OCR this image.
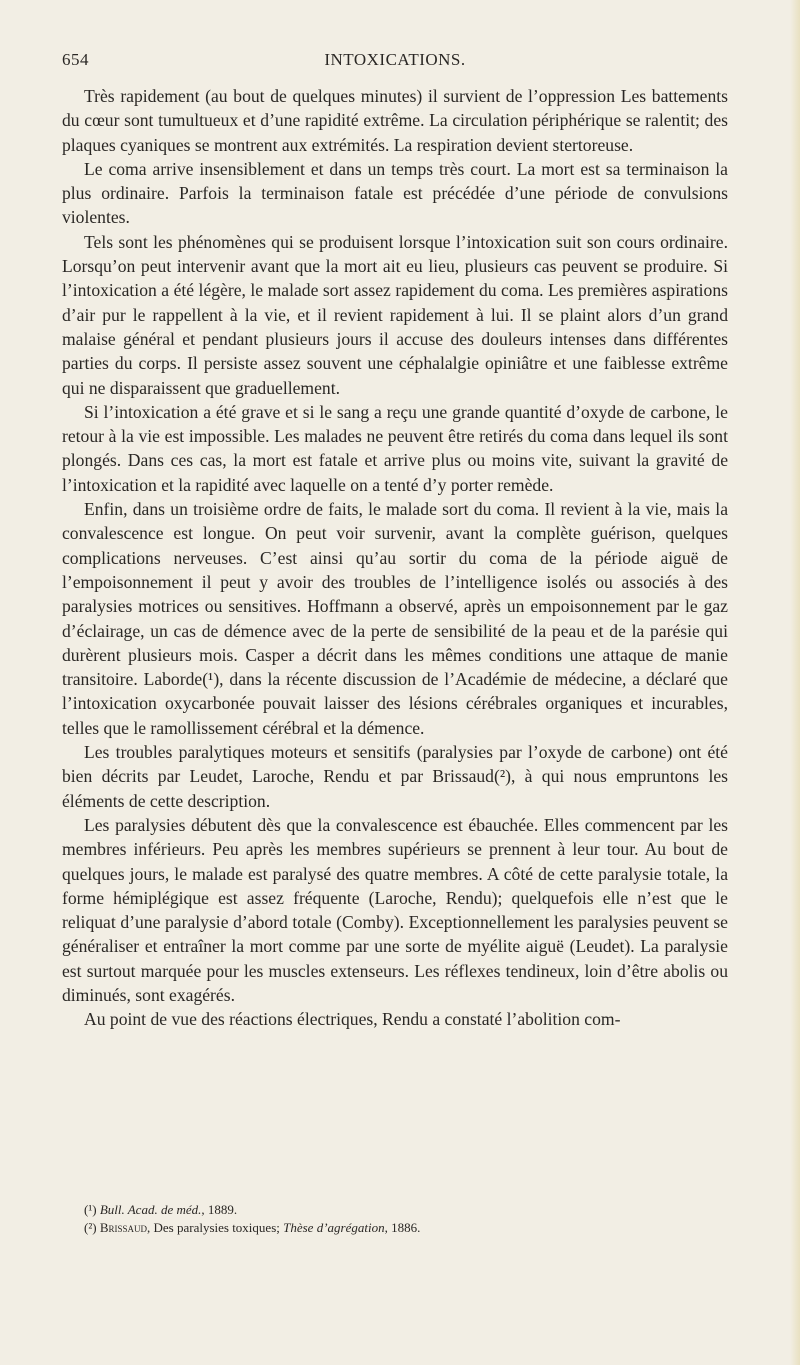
654	INTOXICATIONS.

Très rapidement (au bout de quelques minutes) il survient de l’oppression Les battements du cœur sont tumultueux et d’une rapidité extrême. La circulation périphérique se ralentit; des plaques cyaniques se montrent aux extrémités. La respiration devient stertoreuse.

Le coma arrive insensiblement et dans un temps très court. La mort est sa terminaison la plus ordinaire. Parfois la terminaison fatale est précédée d’une période de convulsions violentes.

Tels sont les phénomènes qui se produisent lorsque l’intoxication suit son cours ordinaire. Lorsqu’on peut intervenir avant que la mort ait eu lieu, plusieurs cas peuvent se produire. Si l’intoxication a été légère, le malade sort assez rapidement du coma. Les premières aspirations d’air pur le rappellent à la vie, et il revient rapidement à lui. Il se plaint alors d’un grand malaise général et pendant plusieurs jours il accuse des douleurs intenses dans différentes parties du corps. Il persiste assez souvent une céphalalgie opiniâtre et une faiblesse extrême qui ne disparaissent que graduellement.

Si l’intoxication a été grave et si le sang a reçu une grande quantité d’oxyde de carbone, le retour à la vie est impossible. Les malades ne peuvent être retirés du coma dans lequel ils sont plongés. Dans ces cas, la mort est fatale et arrive plus ou moins vite, suivant la gravité de l’intoxication et la rapidité avec laquelle on a tenté d’y porter remède.

Enfin, dans un troisième ordre de faits, le malade sort du coma. Il revient à la vie, mais la convalescence est longue. On peut voir survenir, avant la complète guérison, quelques complications nerveuses. C’est ainsi qu’au sortir du coma de la période aiguë de l’empoisonnement il peut y avoir des troubles de l’intelligence isolés ou associés à des paralysies motrices ou sensitives. Hoffmann a observé, après un empoisonnement par le gaz d’éclairage, un cas de démence avec de la perte de sensibilité de la peau et de la parésie qui durèrent plusieurs mois. Casper a décrit dans les mêmes conditions une attaque de manie transitoire. Laborde(¹), dans la récente discussion de l’Académie de médecine, a déclaré que l’intoxication oxycarbonée pouvait laisser des lésions cérébrales organiques et incurables, telles que le ramollissement cérébral et la démence.

Les troubles paralytiques moteurs et sensitifs (paralysies par l’oxyde de carbone) ont été bien décrits par Leudet, Laroche, Rendu et par Brissaud(²), à qui nous empruntons les éléments de cette description.

Les paralysies débutent dès que la convalescence est ébauchée. Elles commencent par les membres inférieurs. Peu après les membres supérieurs se prennent à leur tour. Au bout de quelques jours, le malade est paralysé des quatre membres. A côté de cette paralysie totale, la forme hémiplégique est assez fréquente (Laroche, Rendu); quelquefois elle n’est que le reliquat d’une paralysie d’abord totale (Comby). Exceptionnellement les paralysies peuvent se généraliser et entraîner la mort comme par une sorte de myélite aiguë (Leudet). La paralysie est surtout marquée pour les muscles extenseurs. Les réflexes tendineux, loin d’être abolis ou diminués, sont exagérés.

Au point de vue des réactions électriques, Rendu a constaté l’abolition com-

(¹) Bull. Acad. de méd., 1889.

(²) Brissaud, Des paralysies toxiques; Thèse d’agrégation, 1886.
